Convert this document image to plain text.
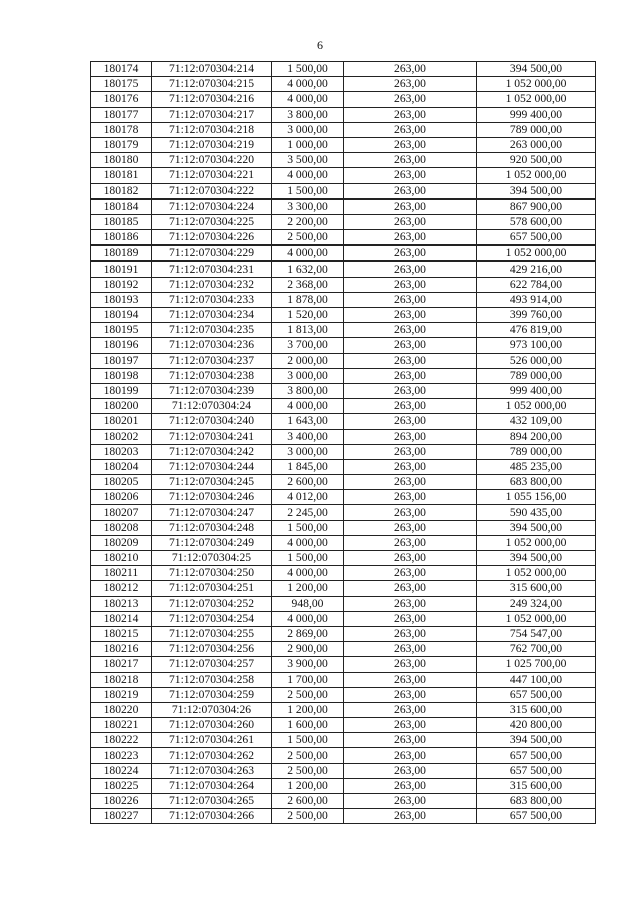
6
180174	71:12:070304:214	1 500,00	263,00	394 500,00
180175	71:12:070304:215	4 000,00	263,00	1 052 000,00
180176	71:12:070304:216	4 000,00	263,00	1 052 000,00
180177	71:12:070304:217	3 800,00	263,00	999 400,00
180178	71:12:070304:218	3 000,00	263,00	789 000,00
180179	71:12:070304:219	1 000,00	263,00	263 000,00
180180	71:12:070304:220	3 500,00	263,00	920 500,00
180181	71:12:070304:221	4 000,00	263,00	1 052 000,00
180182	71:12:070304:222	1 500,00	263,00	394 500,00
180184	71:12:070304:224	3 300,00	263,00	867 900,00
180185	71:12:070304:225	2 200,00	263,00	578 600,00
180186	71:12:070304:226	2 500,00	263,00	657 500,00
180189	71:12:070304:229	4 000,00	263,00	1 052 000,00
180191	71:12:070304:231	1 632,00	263,00	429 216,00
180192	71:12:070304:232	2 368,00	263,00	622 784,00
180193	71:12:070304:233	1 878,00	263,00	493 914,00
180194	71:12:070304:234	1 520,00	263,00	399 760,00
180195	71:12:070304:235	1 813,00	263,00	476 819,00
180196	71:12:070304:236	3 700,00	263,00	973 100,00
180197	71:12:070304:237	2 000,00	263,00	526 000,00
180198	71:12:070304:238	3 000,00	263,00	789 000,00
180199	71:12:070304:239	3 800,00	263,00	999 400,00
180200	71:12:070304:24	4 000,00	263,00	1 052 000,00
180201	71:12:070304:240	1 643,00	263,00	432 109,00
180202	71:12:070304:241	3 400,00	263,00	894 200,00
180203	71:12:070304:242	3 000,00	263,00	789 000,00
180204	71:12:070304:244	1 845,00	263,00	485 235,00
180205	71:12:070304:245	2 600,00	263,00	683 800,00
180206	71:12:070304:246	4 012,00	263,00	1 055 156,00
180207	71:12:070304:247	2 245,00	263,00	590 435,00
180208	71:12:070304:248	1 500,00	263,00	394 500,00
180209	71:12:070304:249	4 000,00	263,00	1 052 000,00
180210	71:12:070304:25	1 500,00	263,00	394 500,00
180211	71:12:070304:250	4 000,00	263,00	1 052 000,00
180212	71:12:070304:251	1 200,00	263,00	315 600,00
180213	71:12:070304:252	948,00	263,00	249 324,00
180214	71:12:070304:254	4 000,00	263,00	1 052 000,00
180215	71:12:070304:255	2 869,00	263,00	754 547,00
180216	71:12:070304:256	2 900,00	263,00	762 700,00
180217	71:12:070304:257	3 900,00	263,00	1 025 700,00
180218	71:12:070304:258	1 700,00	263,00	447 100,00
180219	71:12:070304:259	2 500,00	263,00	657 500,00
180220	71:12:070304:26	1 200,00	263,00	315 600,00
180221	71:12:070304:260	1 600,00	263,00	420 800,00
180222	71:12:070304:261	1 500,00	263,00	394 500,00
180223	71:12:070304:262	2 500,00	263,00	657 500,00
180224	71:12:070304:263	2 500,00	263,00	657 500,00
180225	71:12:070304:264	1 200,00	263,00	315 600,00
180226	71:12:070304:265	2 600,00	263,00	683 800,00
180227	71:12:070304:266	2 500,00	263,00	657 500,00
